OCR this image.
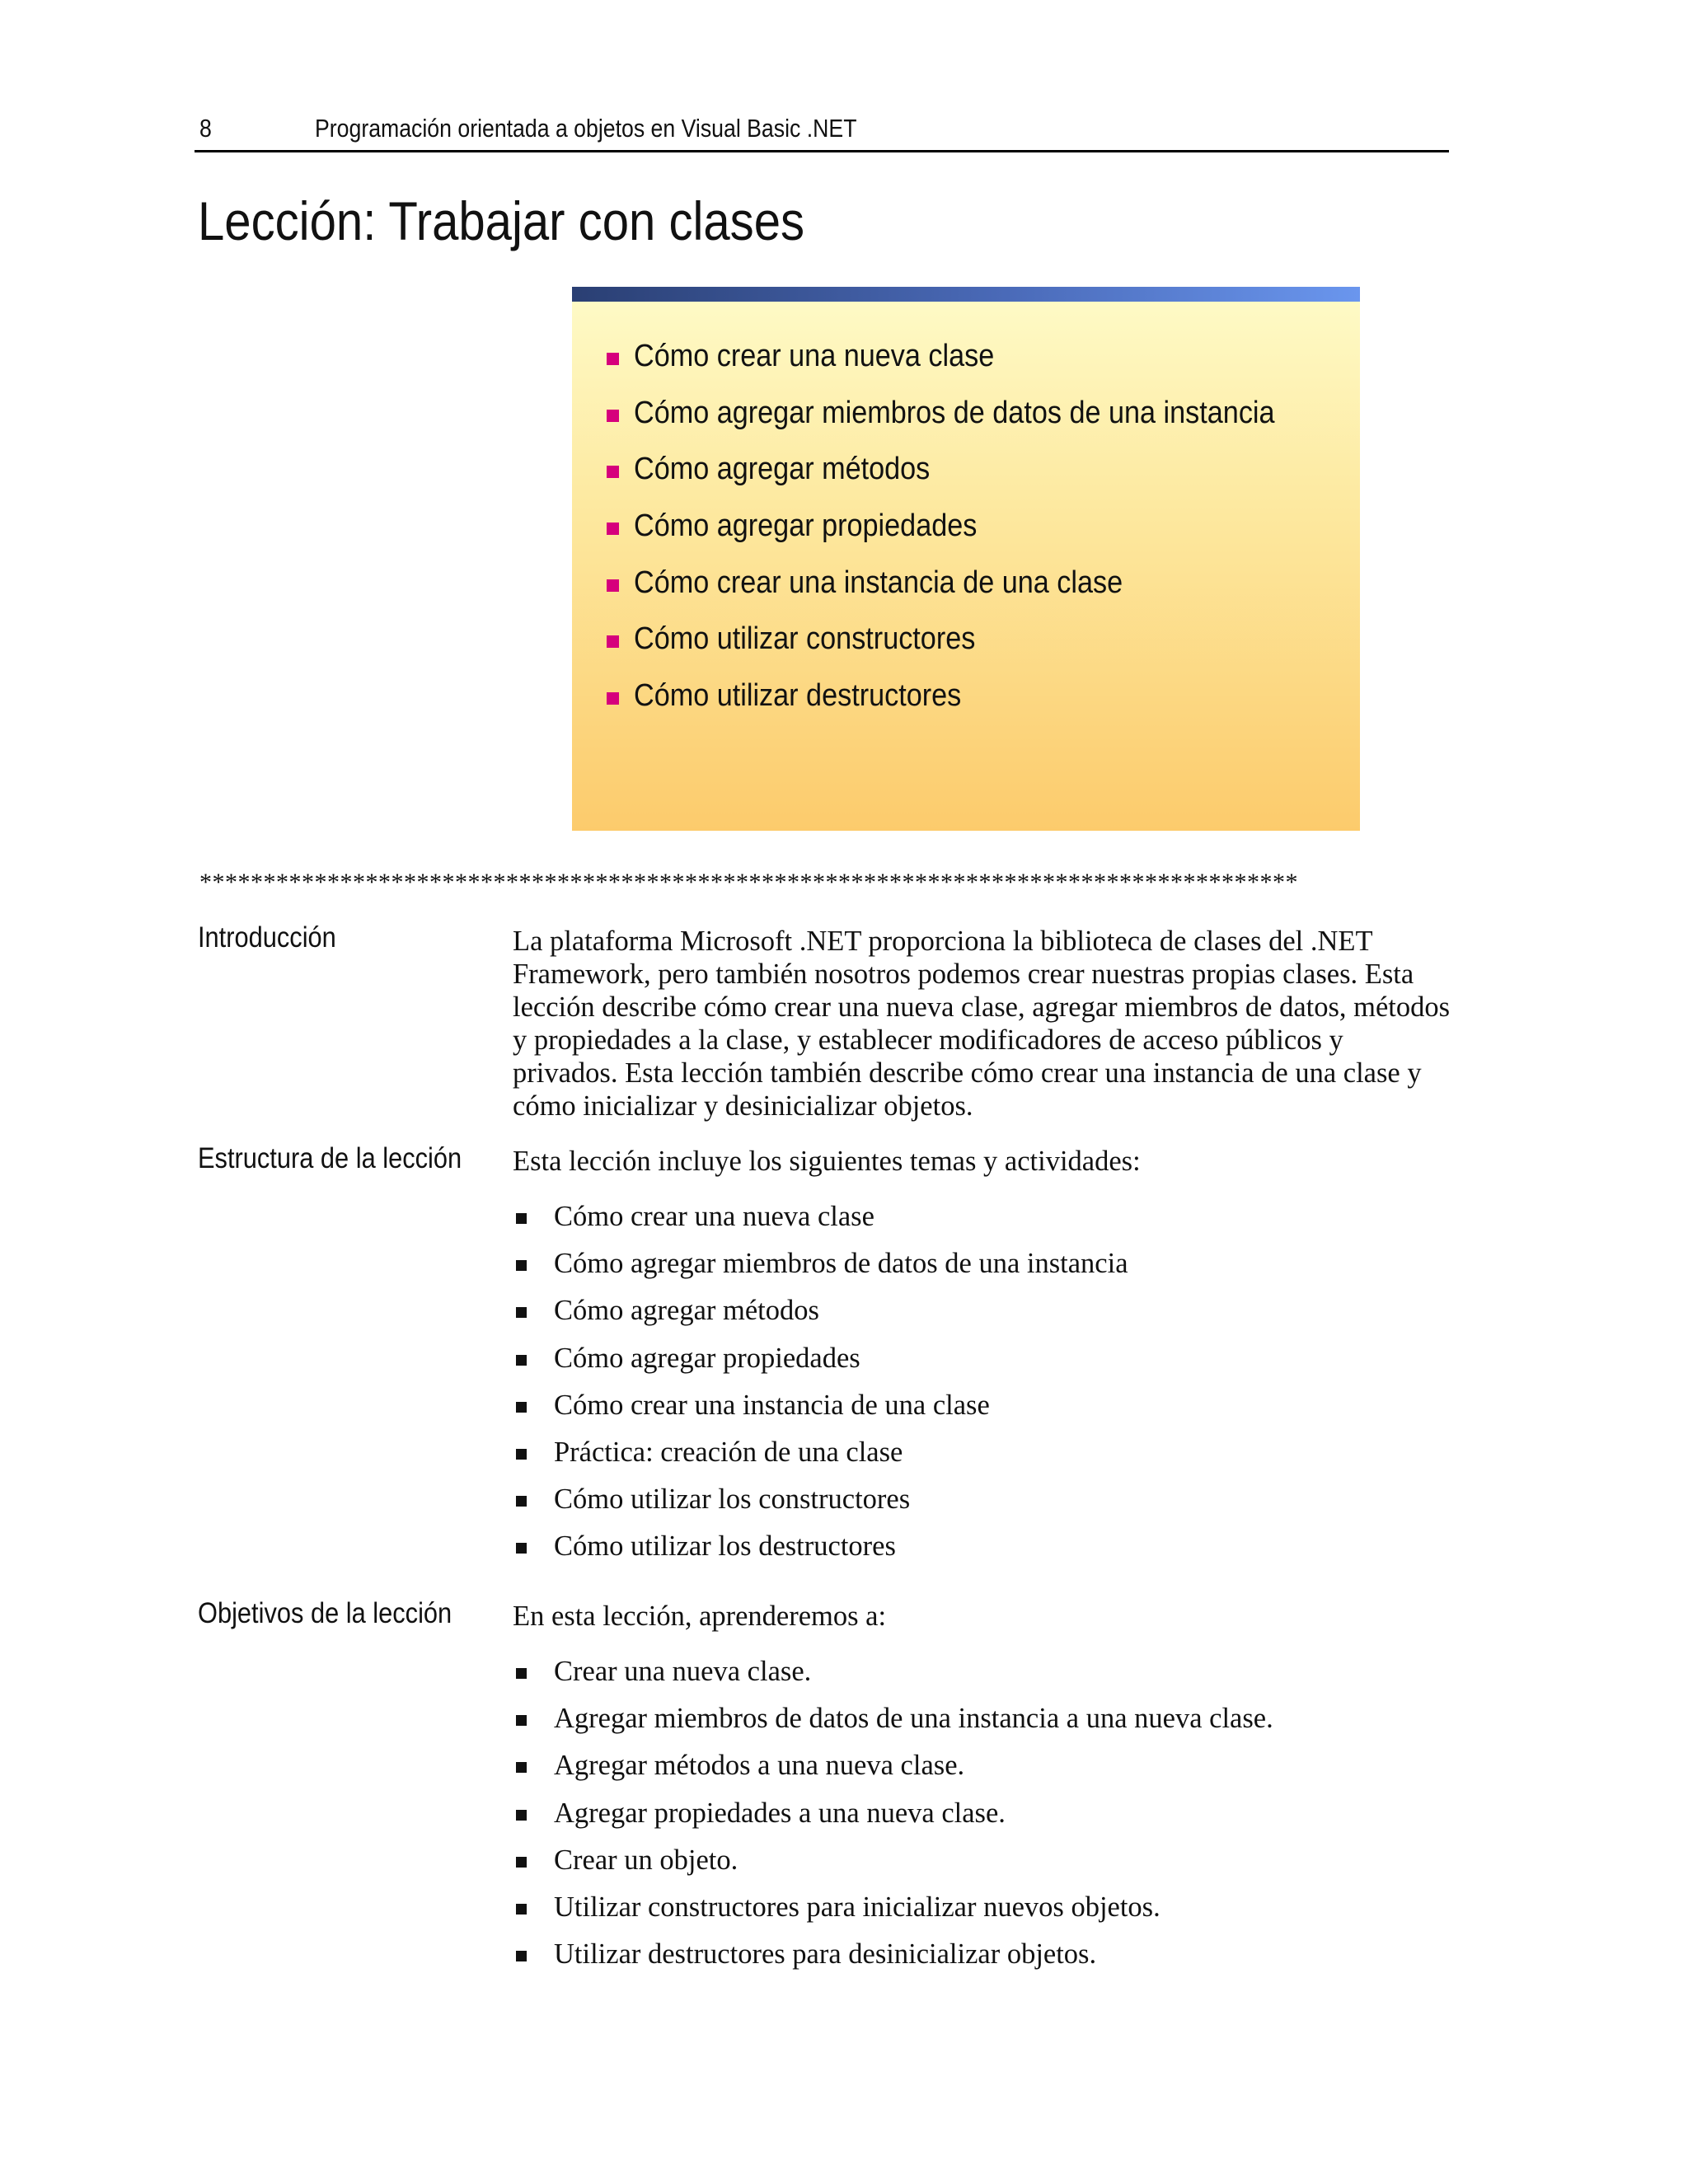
8	Programación orientada a objetos en Visual Basic .NET
Lección: Trabajar con clases
Cómo crear una nueva clase
Cómo agregar miembros de datos de una instancia
Cómo agregar métodos
Cómo agregar propiedades
Cómo crear una instancia de una clase
Cómo utilizar constructores
Cómo utilizar destructores
**************************************************************************************
Introducción	La plataforma Microsoft .NET proporciona la biblioteca de clases del .NET Framework, pero también nosotros podemos crear nuestras propias clases. Esta lección describe cómo crear una nueva clase, agregar miembros de datos, métodos y propiedades a la clase, y establecer modificadores de acceso públicos y privados. Esta lección también describe cómo crear una instancia de una clase y cómo inicializar y desinicializar objetos.

Estructura de la lección Esta lección incluye los siguientes temas y actividades:

Cómo crear una nueva clase
Cómo agregar miembros de datos de una instancia
Cómo agregar métodos
Cómo agregar propiedades
Cómo crear una instancia de una clase
Práctica: creación de una clase
Cómo utilizar los constructores
Cómo utilizar los destructores
Objetivos de la lección En esta lección, aprenderemos a:

Crear una nueva clase.
Agregar miembros de datos de una instancia a una nueva clase.
Agregar métodos a una nueva clase.
Agregar propiedades a una nueva clase.
Crear un objeto.
Utilizar constructores para inicializar nuevos objetos.
Utilizar destructores para desinicializar objetos.
